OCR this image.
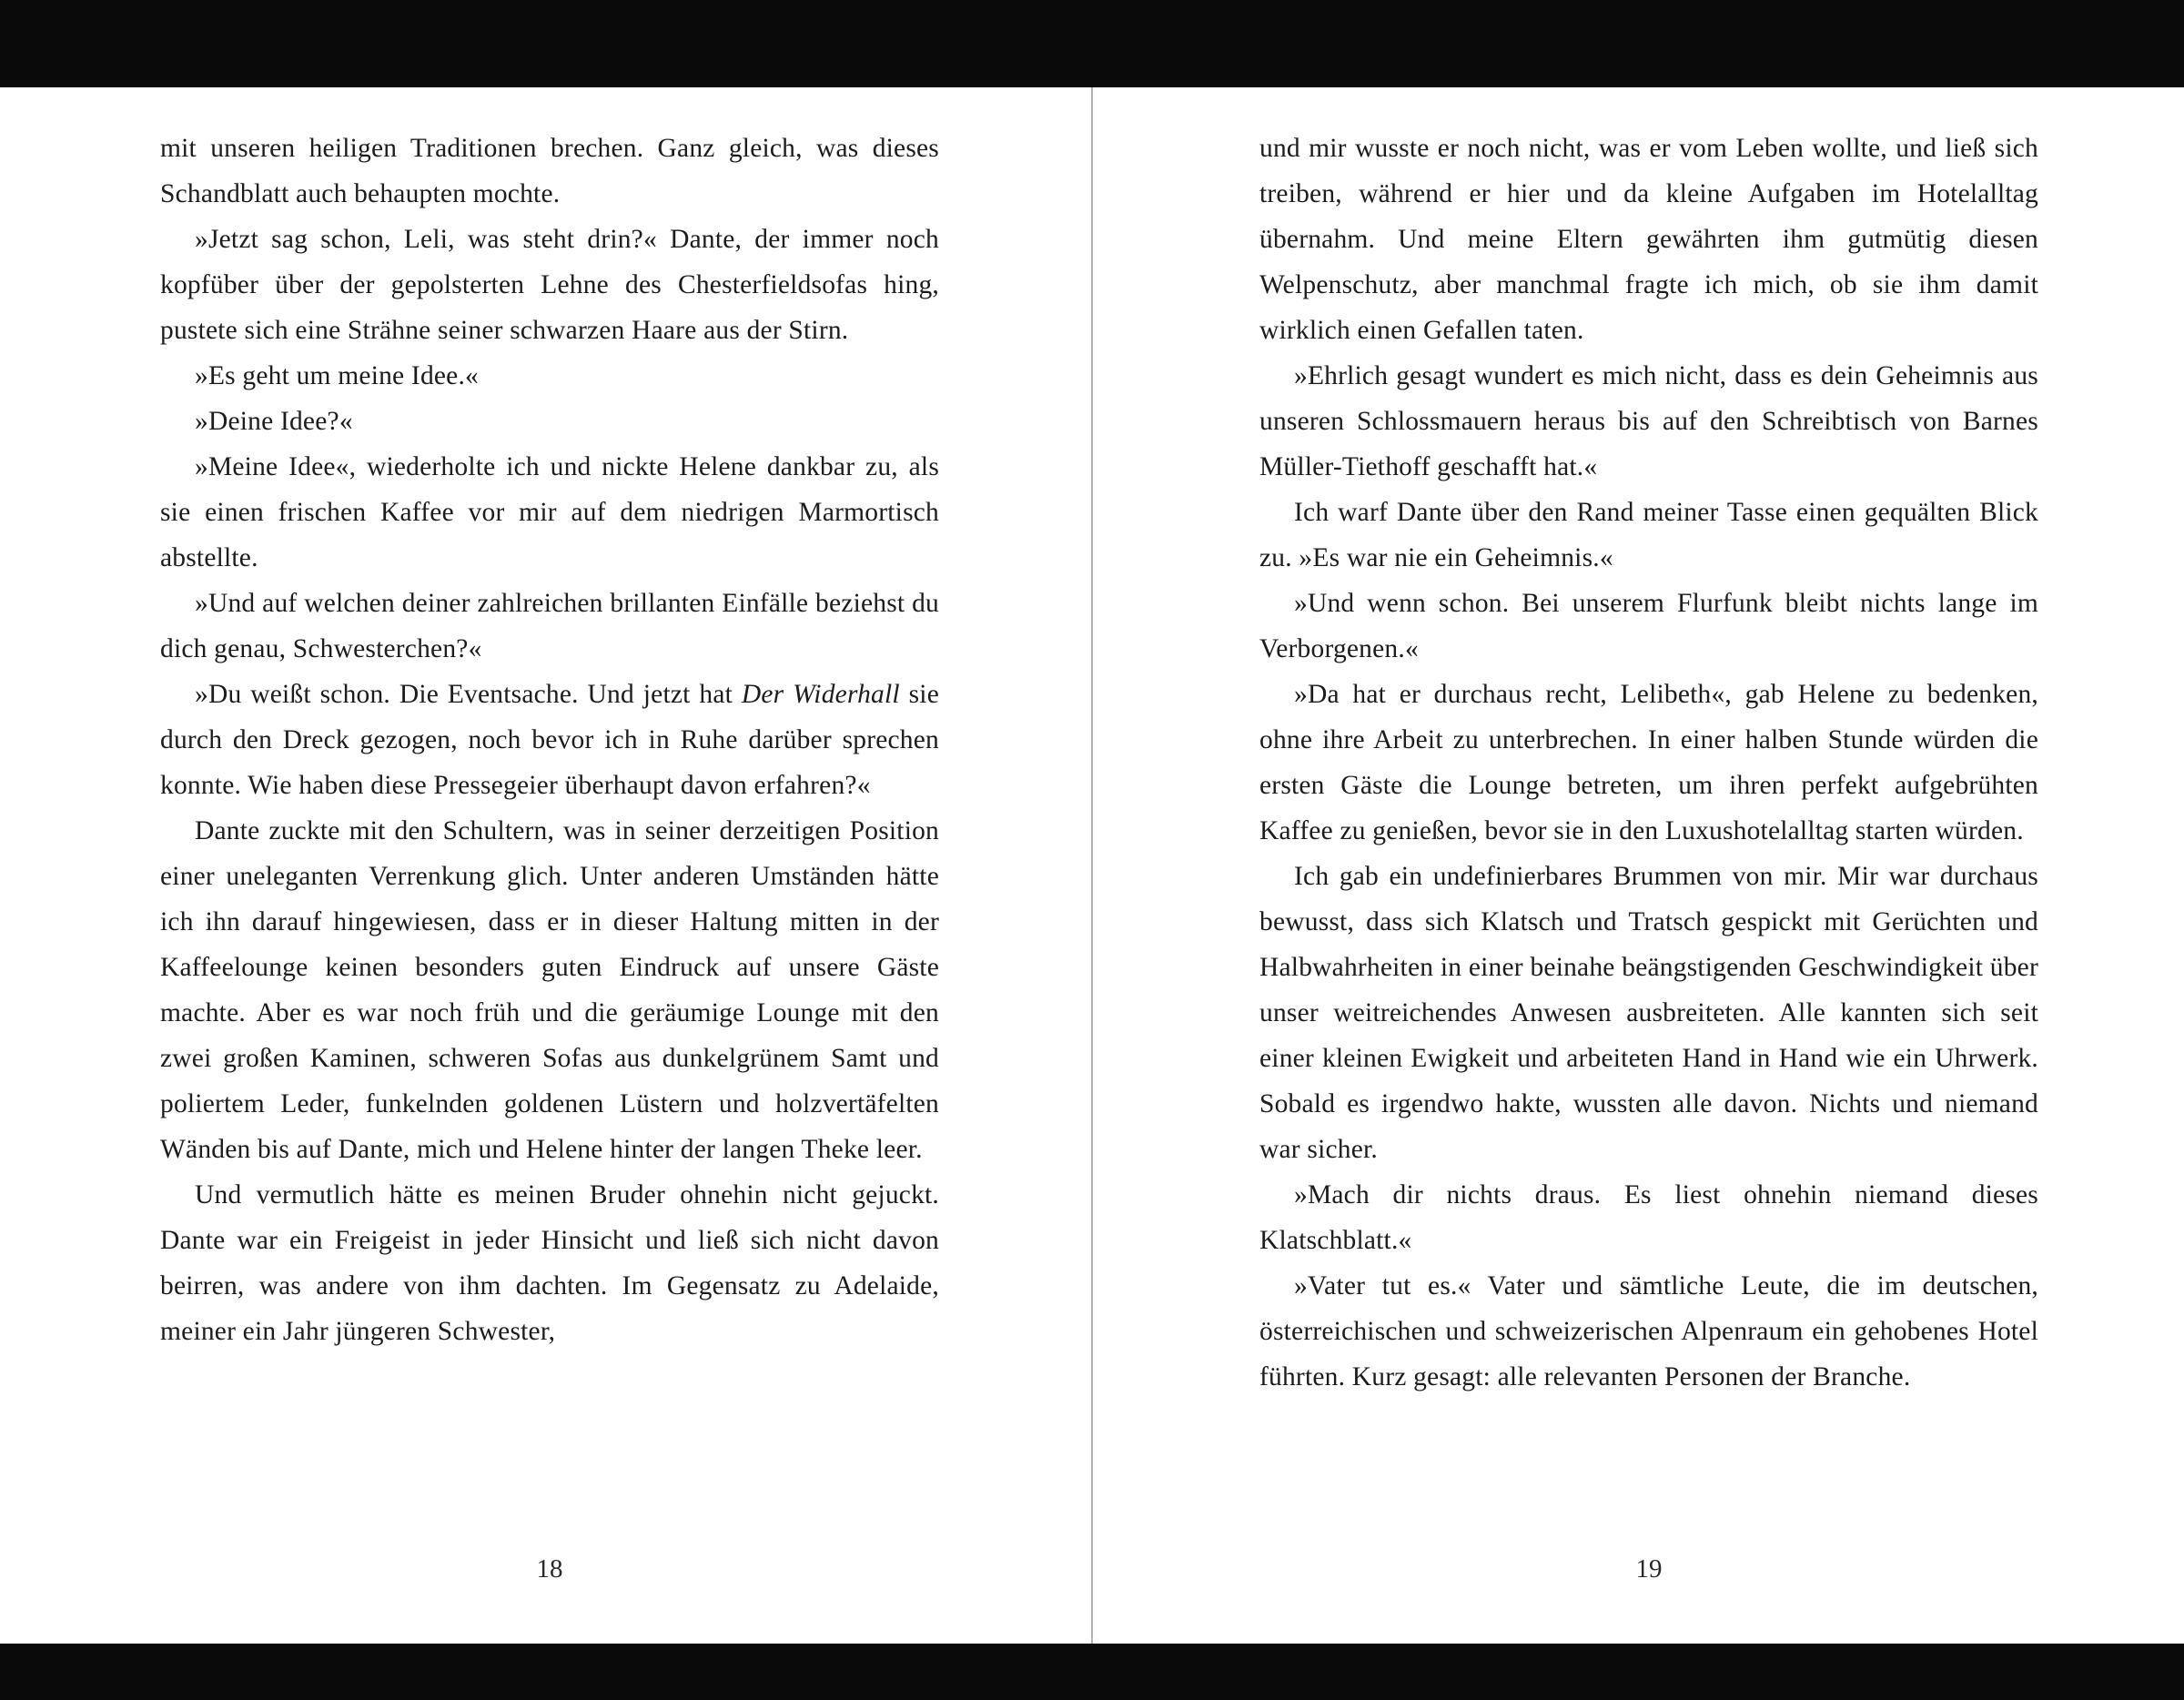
mit unseren heiligen Traditionen brechen. Ganz gleich, was dieses Schandblatt auch behaupten mochte.

»Jetzt sag schon, Leli, was steht drin?« Dante, der immer noch kopfüber über der gepolsterten Lehne des Chesterfieldsofas hing, pustete sich eine Strähne seiner schwarzen Haare aus der Stirn.

»Es geht um meine Idee.«

»Deine Idee?«

»Meine Idee«, wiederholte ich und nickte Helene dankbar zu, als sie einen frischen Kaffee vor mir auf dem niedrigen Marmortisch abstellte.

»Und auf welchen deiner zahlreichen brillanten Einfälle beziehst du dich genau, Schwesterchen?«

»Du weißt schon. Die Eventsache. Und jetzt hat Der Widerhall sie durch den Dreck gezogen, noch bevor ich in Ruhe darüber sprechen konnte. Wie haben diese Pressegeier überhaupt davon erfahren?«

Dante zuckte mit den Schultern, was in seiner derzeitigen Position einer uneleganten Verrenkung glich. Unter anderen Umständen hätte ich ihn darauf hingewiesen, dass er in dieser Haltung mitten in der Kaffeelounge keinen besonders guten Eindruck auf unsere Gäste machte. Aber es war noch früh und die geräumige Lounge mit den zwei großen Kaminen, schweren Sofas aus dunkelgrünem Samt und poliertem Leder, funkelnden goldenen Lüstern und holzvertäfelten Wänden bis auf Dante, mich und Helene hinter der langen Theke leer.

Und vermutlich hätte es meinen Bruder ohnehin nicht gejuckt. Dante war ein Freigeist in jeder Hinsicht und ließ sich nicht davon beirren, was andere von ihm dachten. Im Gegensatz zu Adelaide, meiner ein Jahr jüngeren Schwester,

18

und mir wusste er noch nicht, was er vom Leben wollte, und ließ sich treiben, während er hier und da kleine Aufgaben im Hotelalltag übernahm. Und meine Eltern gewährten ihm gutmütig diesen Welpenschutz, aber manchmal fragte ich mich, ob sie ihm damit wirklich einen Gefallen taten.

»Ehrlich gesagt wundert es mich nicht, dass es dein Geheimnis aus unseren Schlossmauern heraus bis auf den Schreibtisch von Barnes Müller-Tiethoff geschafft hat.«

Ich warf Dante über den Rand meiner Tasse einen gequälten Blick zu. »Es war nie ein Geheimnis.«

»Und wenn schon. Bei unserem Flurfunk bleibt nichts lange im Verborgenen.«

»Da hat er durchaus recht, Lelibeth«, gab Helene zu bedenken, ohne ihre Arbeit zu unterbrechen. In einer halben Stunde würden die ersten Gäste die Lounge betreten, um ihren perfekt aufgebrühten Kaffee zu genießen, bevor sie in den Luxushotelalltag starten würden.

Ich gab ein undefinierbares Brummen von mir. Mir war durchaus bewusst, dass sich Klatsch und Tratsch gespickt mit Gerüchten und Halbwahrheiten in einer beinahe beängstigenden Geschwindigkeit über unser weitreichendes Anwesen ausbreiteten. Alle kannten sich seit einer kleinen Ewigkeit und arbeiteten Hand in Hand wie ein Uhrwerk. Sobald es irgendwo hakte, wussten alle davon. Nichts und niemand war sicher.

»Mach dir nichts draus. Es liest ohnehin niemand dieses Klatschblatt.«

»Vater tut es.« Vater und sämtliche Leute, die im deutschen, österreichischen und schweizerischen Alpenraum ein gehobenes Hotel führten. Kurz gesagt: alle relevanten Personen der Branche.

19
